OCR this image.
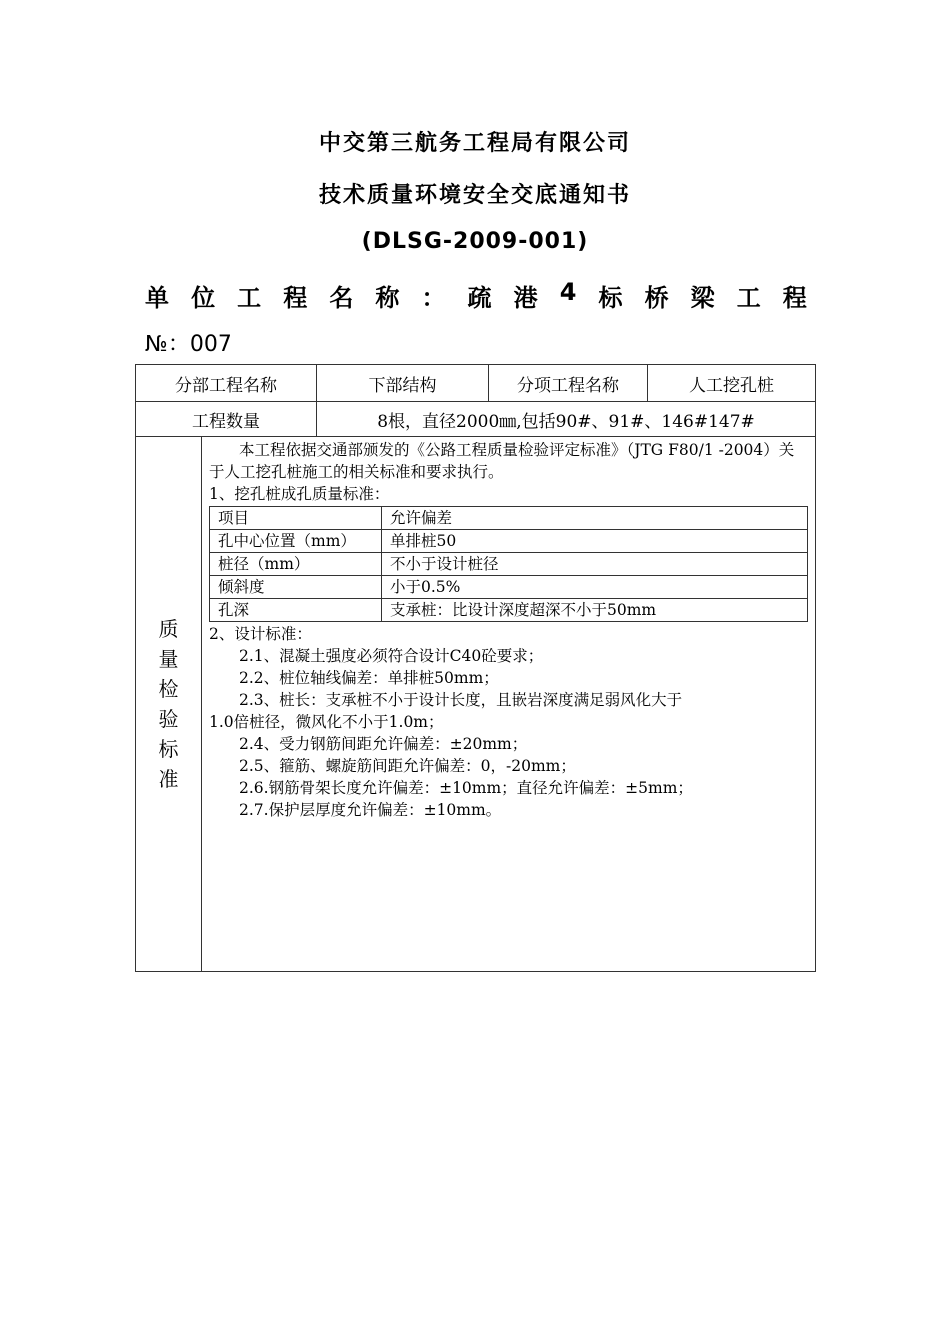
中交第三航务工程局有限公司
技术质量环境安全交底通知书
(DLSG-2009-001)
单 位 工 程 名 称 ： 疏 港 4 标 桥 梁 工 程
№：007
分部工程名称	下部结构	分项工程名称	人工挖孔桩
工程数量	8根，直径2000㎜,包括90#、91#、146#147#

质
量
检
验
标
准

本工程依据交通部颁发的《公路工程质量检验评定标准》（JTG F80/1 -2004）关于人工挖孔桩施工的相关标准和要求执行。

1、挖孔桩成孔质量标准：

项目	允许偏差
孔中心位置（mm）	单排桩50
桩径（mm）	不小于设计桩径
倾斜度	小于0.5%
孔深	支承桩：比设计深度超深不小于50mm

2、设计标准：

2.1、混凝土强度必须符合设计C40砼要求；

2.2、桩位轴线偏差：单排桩50mm；

2.3、桩长：支承桩不小于设计长度，且嵌岩深度满足弱风化大于

1.0倍桩径，微风化不小于1.0m；

2.4、受力钢筋间距允许偏差：±20mm；

2.5、箍筋、螺旋筋间距允许偏差：0，-20mm；

2.6.钢筋骨架长度允许偏差：±10mm；直径允许偏差：±5mm；

2.7.保护层厚度允许偏差：±10mm。
